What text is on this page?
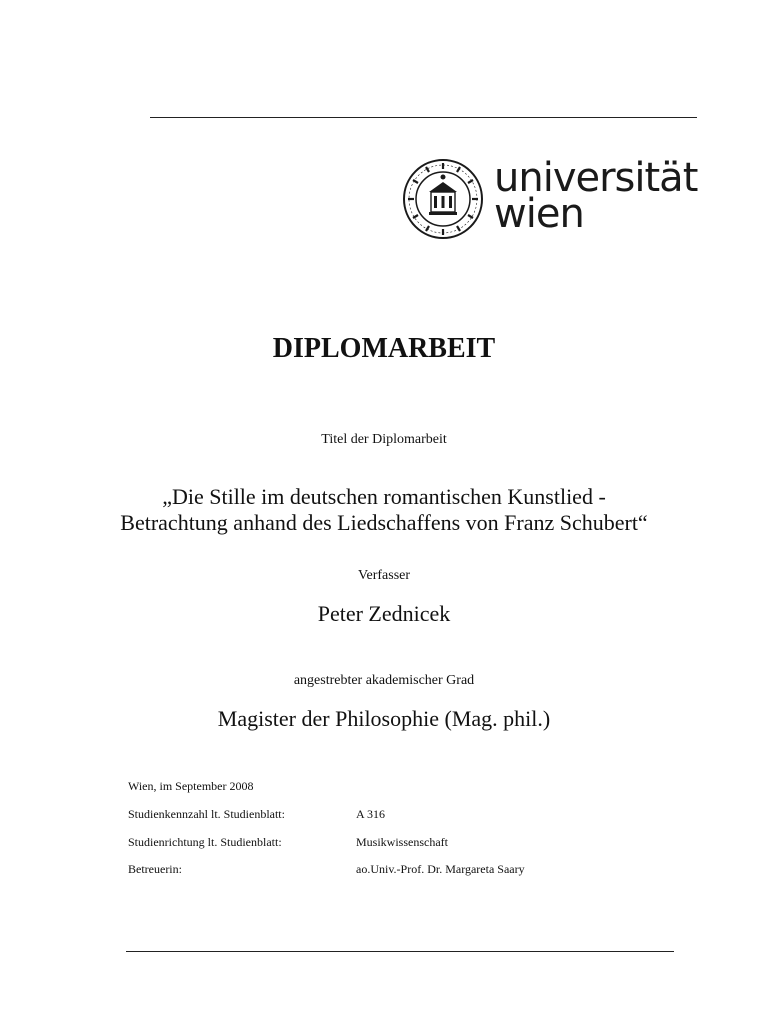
universität
wien
DIPLOMARBEIT
Titel der Diplomarbeit
„Die Stille im deutschen romantischen Kunstlied -
Betrachtung anhand des Liedschaffens von Franz Schubert“
Verfasser
Peter Zednicek
angestrebter akademischer Grad
Magister der Philosophie (Mag. phil.)
Wien, im September 2008
Studienkennzahl lt. Studienblatt:	A 316
Studienrichtung lt. Studienblatt:	Musikwissenschaft
Betreuerin:	ao.Univ.-Prof. Dr. Margareta Saary
